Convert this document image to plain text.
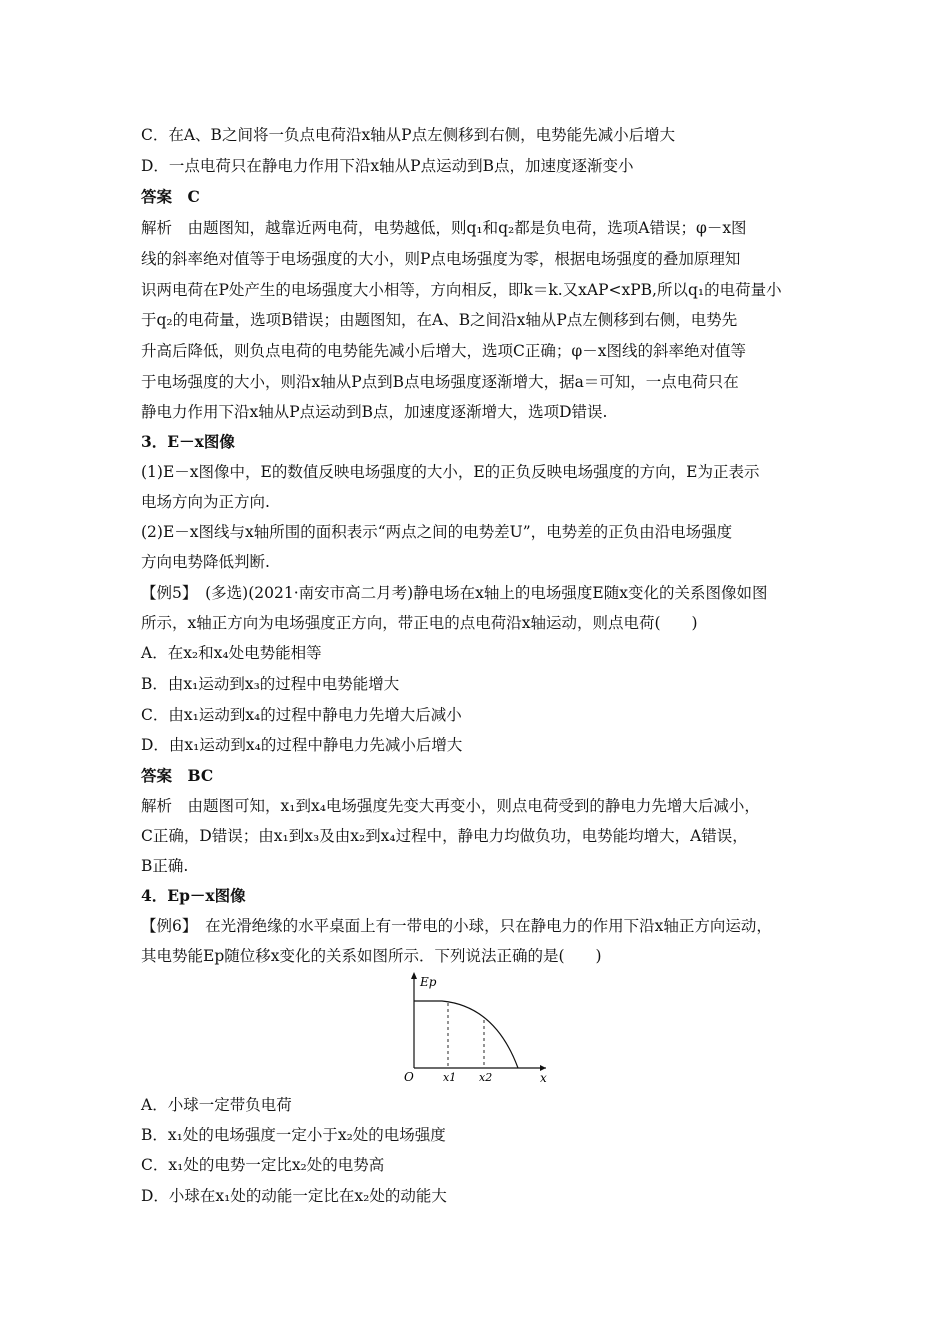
C．在A、B之间将一负点电荷沿x轴从P点左侧移到右侧，电势能先减小后增大
D．一点电荷只在静电力作用下沿x轴从P点运动到B点，加速度逐渐变小
答案　C
解析　由题图知，越靠近两电荷，电势越低，则q₁和q₂都是负电荷，选项A错误；φ－x图
线的斜率绝对值等于电场强度的大小，则P点电场强度为零，根据电场强度的叠加原理知
识两电荷在P处产生的电场强度大小相等，方向相反，即k＝k.又xAP<xPB,所以q₁的电荷量小
于q₂的电荷量，选项B错误；由题图知，在A、B之间沿x轴从P点左侧移到右侧，电势先
升高后降低，则负点电荷的电势能先减小后增大，选项C正确；φ－x图线的斜率绝对值等
于电场强度的大小，则沿x轴从P点到B点电场强度逐渐增大，据a＝可知，一点电荷只在
静电力作用下沿x轴从P点运动到B点，加速度逐渐增大，选项D错误.
3．E－x图像
(1)E－x图像中，E的数值反映电场强度的大小，E的正负反映电场强度的方向，E为正表示
电场方向为正方向.
(2)E－x图线与x轴所围的面积表示“两点之间的电势差U”，电势差的正负由沿电场强度
方向电势降低判断.
【例5】　(多选)(2021·南安市高二月考)静电场在x轴上的电场强度E随x变化的关系图像如图
所示，x轴正方向为电场强度正方向，带正电的点电荷沿x轴运动，则点电荷(　　)
A．在x₂和x₄处电势能相等
B．由x₁运动到x₃的过程中电势能增大
C．由x₁运动到x₄的过程中静电力先增大后减小
D．由x₁运动到x₄的过程中静电力先减小后增大
答案　BC
解析　由题图可知，x₁到x₄电场强度先变大再变小，则点电荷受到的静电力先增大后减小，
C正确，D错误；由x₁到x₃及由x₂到x₄过程中，静电力均做负功，电势能均增大，A错误，
B正确.
4．Ep－x图像
【例6】　在光滑绝缘的水平桌面上有一带电的小球，只在静电力的作用下沿x轴正方向运动，
其电势能Ep随位移x变化的关系如图所示．下列说法正确的是(　　)
Ep
x
O	x1 x2
A．小球一定带负电荷
B．x₁处的电场强度一定小于x₂处的电场强度
C．x₁处的电势一定比x₂处的电势高
D．小球在x₁处的动能一定比在x₂处的动能大
